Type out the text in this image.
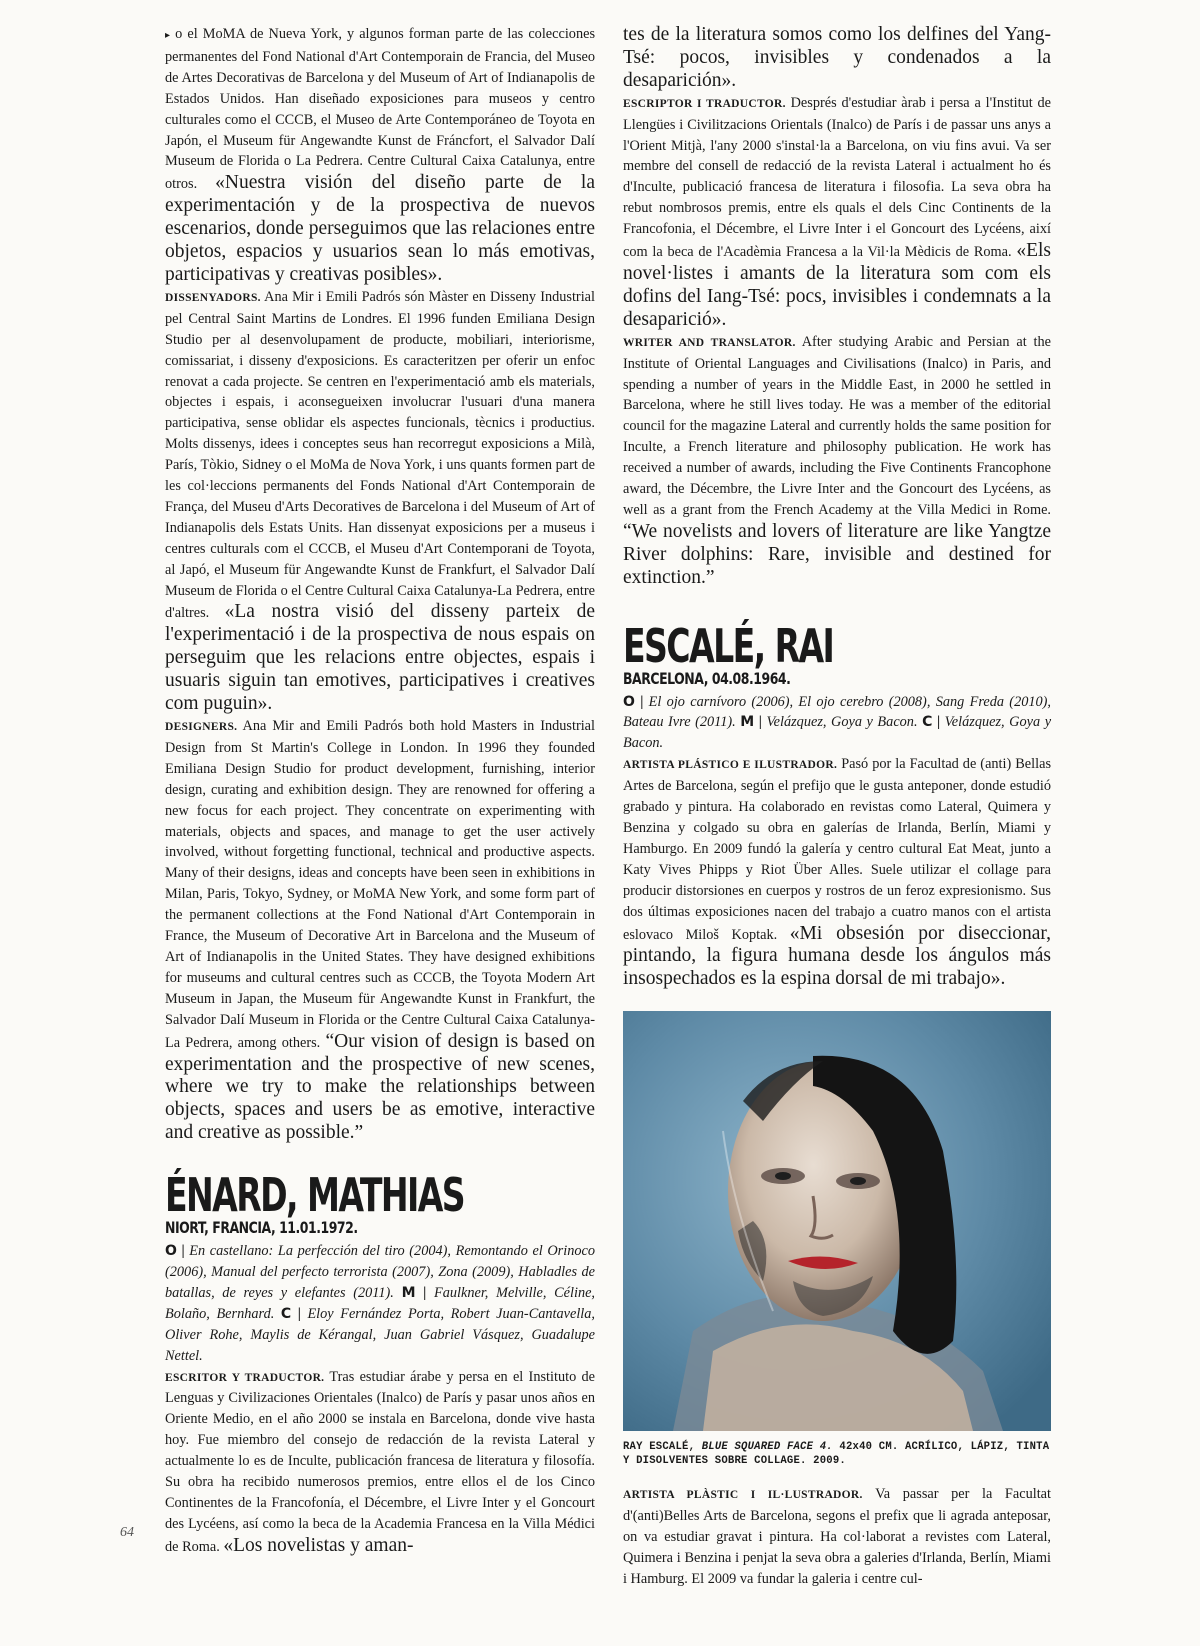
▸ o el MoMA de Nueva York, y algunos forman parte de las colecciones permanentes del Fond National d'Art Contemporain de Francia, del Museo de Artes Decorativas de Barcelona y del Museum of Art of Indianapolis de Estados Unidos. Han diseñado exposiciones para museos y centro culturales como el CCCB, el Museo de Arte Contemporáneo de Toyota en Japón, el Museum für Angewandte Kunst de Fráncfort, el Salvador Dalí Museum de Florida o La Pedrera. Centre Cultural Caixa Catalunya, entre otros. «Nuestra visión del diseño parte de la experimentación y de la prospectiva de nuevos escenarios, donde perseguimos que las relaciones entre objetos, espacios y usuarios sean lo más emotivas, participativas y creativas posibles».

DISSENYADORS. Ana Mir i Emili Padrós són Màster en Disseny Industrial pel Central Saint Martins de Londres. El 1996 funden Emiliana Design Studio per al desenvolupament de producte, mobiliari, interiorisme, comissariat, i disseny d'exposicions. Es caracteritzen per oferir un enfoc renovat a cada projecte. Se centren en l'experimentació amb els materials, objectes i espais, i aconsegueixen involucrar l'usuari d'una manera participativa, sense oblidar els aspectes funcionals, tècnics i productius. Molts dissenys, idees i conceptes seus han recorregut exposicions a Milà, París, Tòkio, Sidney o el MoMa de Nova York, i uns quants formen part de les col·leccions permanents del Fonds National d'Art Contemporain de França, del Museu d'Arts Decoratives de Barcelona i del Museum of Art of Indianapolis dels Estats Units. Han dissenyat exposicions per a museus i centres culturals com el CCCB, el Museu d'Art Contemporani de Toyota, al Japó, el Museum für Angewandte Kunst de Frankfurt, el Salvador Dalí Museum de Florida o el Centre Cultural Caixa Catalunya-La Pedrera, entre d'altres. «La nostra visió del disseny parteix de l'experimentació i de la prospectiva de nous espais on perseguim que les relacions entre objectes, espais i usuaris siguin tan emotives, participatives i creatives com puguin».

DESIGNERS. Ana Mir and Emili Padrós both hold Masters in Industrial Design from St Martin's College in London. In 1996 they founded Emiliana Design Studio for product development, furnishing, interior design, curating and exhibition design. They are renowned for offering a new focus for each project. They concentrate on experimenting with materials, objects and spaces, and manage to get the user actively involved, without forgetting functional, technical and productive aspects. Many of their designs, ideas and concepts have been seen in exhibitions in Milan, Paris, Tokyo, Sydney, or MoMA New York, and some form part of the permanent collections at the Fond National d'Art Contemporain in France, the Museum of Decorative Art in Barcelona and the Museum of Art of Indianapolis in the United States. They have designed exhibitions for museums and cultural centres such as CCCB, the Toyota Modern Art Museum in Japan, the Museum für Angewandte Kunst in Frankfurt, the Salvador Dalí Museum in Florida or the Centre Cultural Caixa Catalunya-La Pedrera, among others. “Our vision of design is based on experimentation and the prospective of new scenes, where we try to make the relationships between objects, spaces and users be as emotive, interactive and creative as possible.”

ÉNARD, MATHIAS
NIORT, FRANCIA, 11.01.1972.

O | En castellano: La perfección del tiro (2004), Remontando el Orinoco (2006), Manual del perfecto terrorista (2007), Zona (2009), Habladles de batallas, de reyes y elefantes (2011). M | Faulkner, Melville, Céline, Bolaño, Bernhard. C | Eloy Fernández Porta, Robert Juan-Cantavella, Oliver Rohe, Maylis de Kérangal, Juan Gabriel Vásquez, Guadalupe Nettel.

ESCRITOR Y TRADUCTOR. Tras estudiar árabe y persa en el Instituto de Lenguas y Civilizaciones Orientales (Inalco) de París y pasar unos años en Oriente Medio, en el año 2000 se instala en Barcelona, donde vive hasta hoy. Fue miembro del consejo de redacción de la revista Lateral y actualmente lo es de Inculte, publicación francesa de literatura y filosofía. Su obra ha recibido numerosos premios, entre ellos el de los Cinco Continentes de la Francofonía, el Décembre, el Livre Inter y el Goncourt des Lycéens, así como la beca de la Academia Francesa en la Villa Médici de Roma. «Los novelistas y aman-

tes de la literatura somos como los delfines del Yang-Tsé: pocos, invisibles y condenados a la desaparición».

ESCRIPTOR I TRADUCTOR. Després d'estudiar àrab i persa a l'Institut de Llengües i Civilitzacions Orientals (Inalco) de París i de passar uns anys a l'Orient Mitjà, l'any 2000 s'instal·la a Barcelona, on viu fins avui. Va ser membre del consell de redacció de la revista Lateral i actualment ho és d'Inculte, publicació francesa de literatura i filosofia. La seva obra ha rebut nombrosos premis, entre els quals el dels Cinc Continents de la Francofonia, el Décembre, el Livre Inter i el Goncourt des Lycéens, així com la beca de l'Acadèmia Francesa a la Vil·la Mèdicis de Roma. «Els novel·listes i amants de la literatura som com els dofins del Iang-Tsé: pocs, invisibles i condemnats a la desaparició».

WRITER AND TRANSLATOR. After studying Arabic and Persian at the Institute of Oriental Languages and Civilisations (Inalco) in Paris, and spending a number of years in the Middle East, in 2000 he settled in Barcelona, where he still lives today. He was a member of the editorial council for the magazine Lateral and currently holds the same position for Inculte, a French literature and philosophy publication. He work has received a number of awards, including the Five Continents Francophone award, the Décembre, the Livre Inter and the Goncourt des Lycéens, as well as a grant from the French Academy at the Villa Medici in Rome. “We novelists and lovers of literature are like Yangtze River dolphins: Rare, invisible and destined for extinction.”

ESCALÉ, RAI
BARCELONA, 04.08.1964.

O | El ojo carnívoro (2006), El ojo cerebro (2008), Sang Freda (2010), Bateau Ivre (2011). M | Velázquez, Goya y Bacon. C | Velázquez, Goya y Bacon.

ARTISTA PLÁSTICO E ILUSTRADOR. Pasó por la Facultad de (anti) Bellas Artes de Barcelona, según el prefijo que le gusta anteponer, donde estudió grabado y pintura. Ha colaborado en revistas como Lateral, Quimera y Benzina y colgado su obra en galerías de Irlanda, Berlín, Miami y Hamburgo. En 2009 fundó la galería y centro cultural Eat Meat, junto a Katy Vives Phipps y Riot Über Alles. Suele utilizar el collage para producir distorsiones en cuerpos y rostros de un feroz expresionismo. Sus dos últimas exposiciones nacen del trabajo a cuatro manos con el artista eslovaco Miloš Koptak. «Mi obsesión por diseccionar, pintando, la figura humana desde los ángulos más insospechados es la espina dorsal de mi trabajo».

RAY ESCALÉ, BLUE SQUARED FACE 4. 42x40 CM. ACRÍLICO, LÁPIZ, TINTA Y DISOLVENTES SOBRE COLLAGE. 2009.

ARTISTA PLÀSTIC I IL·LUSTRADOR. Va passar per la Facultat d'(anti)Belles Arts de Barcelona, segons el prefix que li agrada anteposar, on va estudiar gravat i pintura. Ha col·laborat a revistes com Lateral, Quimera i Benzina i penjat la seva obra a galeries d'Irlanda, Berlín, Miami i Hamburg. El 2009 va fundar la galeria i centre cul-

64
